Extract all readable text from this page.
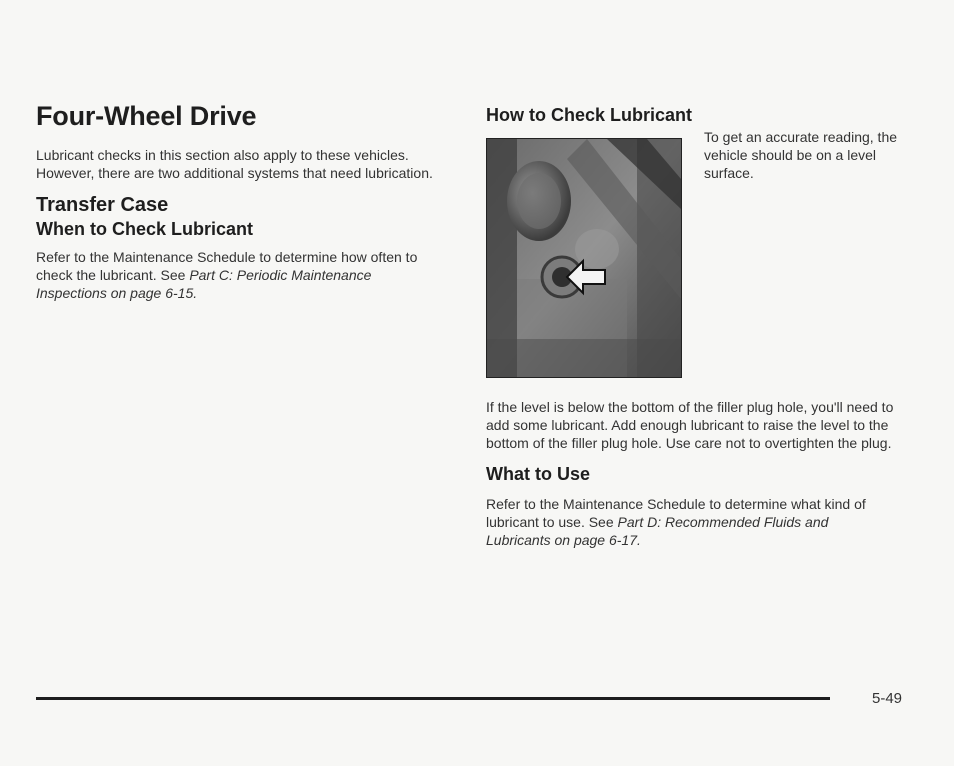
Four-Wheel Drive

Lubricant checks in this section also apply to these vehicles. However, there are two additional systems that need lubrication.

Transfer Case
When to Check Lubricant

Refer to the Maintenance Schedule to determine how often to check the lubricant. See Part C: Periodic Maintenance Inspections on page 6-15.

How to Check Lubricant

To get an accurate reading, the vehicle should be on a level surface.

If the level is below the bottom of the filler plug hole, you'll need to add some lubricant. Add enough lubricant to raise the level to the bottom of the filler plug hole. Use care not to overtighten the plug.

What to Use

Refer to the Maintenance Schedule to determine what kind of lubricant to use. See Part D: Recommended Fluids and Lubricants on page 6-17.

5-49
